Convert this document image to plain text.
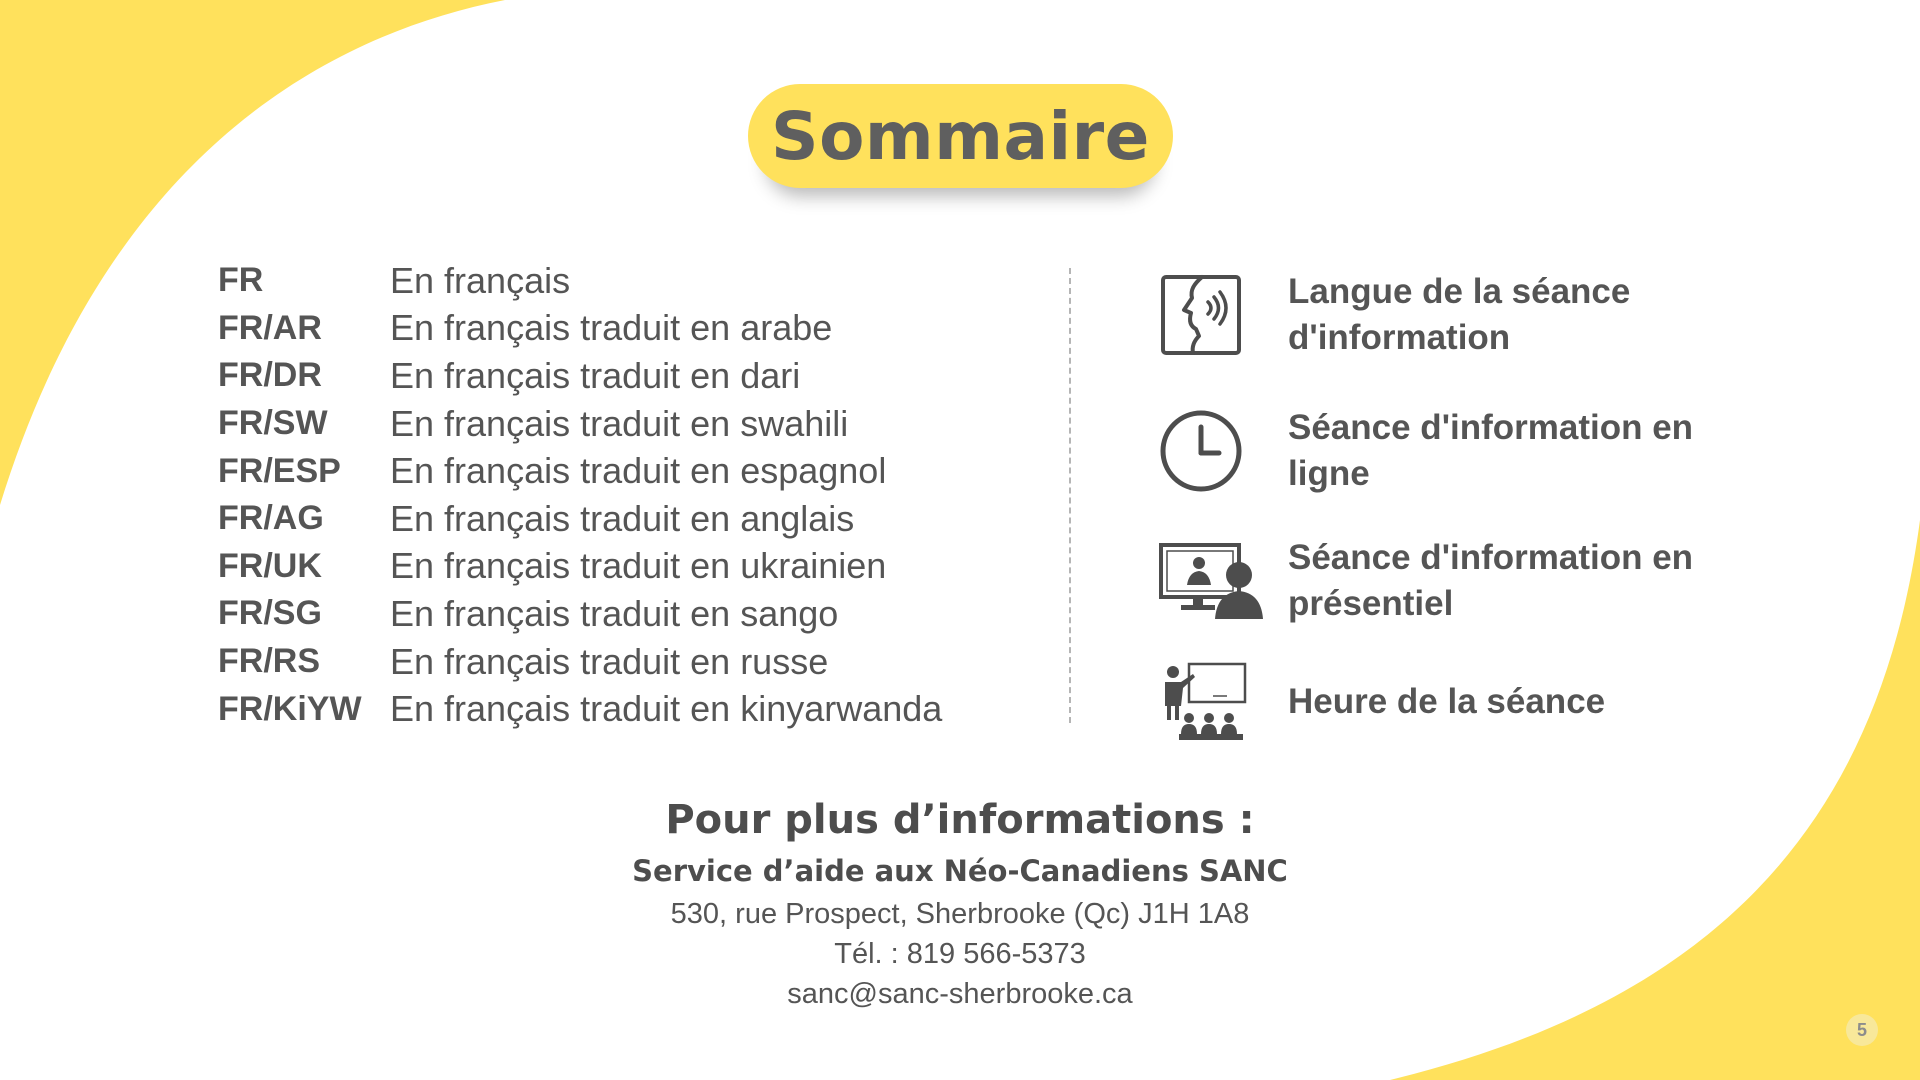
Sommaire
FR	En français
FR/AR	En français traduit en arabe
FR/DR	En français traduit en dari
FR/SW	En français traduit en swahili
FR/ESP	En français traduit en espagnol
FR/AG	En français traduit en anglais
FR/UK	En français traduit en ukrainien
FR/SG	En français traduit en sango
FR/RS	En français traduit en russe
FR/KiYW En français traduit en kinyarwanda
Langue de la séance d'information
Séance d'information en ligne
Séance d'information en présentiel
Heure de la séance
Pour plus d’informations :
Service d’aide aux Néo-Canadiens SANC
530, rue Prospect, Sherbrooke (Qc) J1H 1A8
Tél. : 819 566-5373
sanc@sanc-sherbrooke.ca
5
